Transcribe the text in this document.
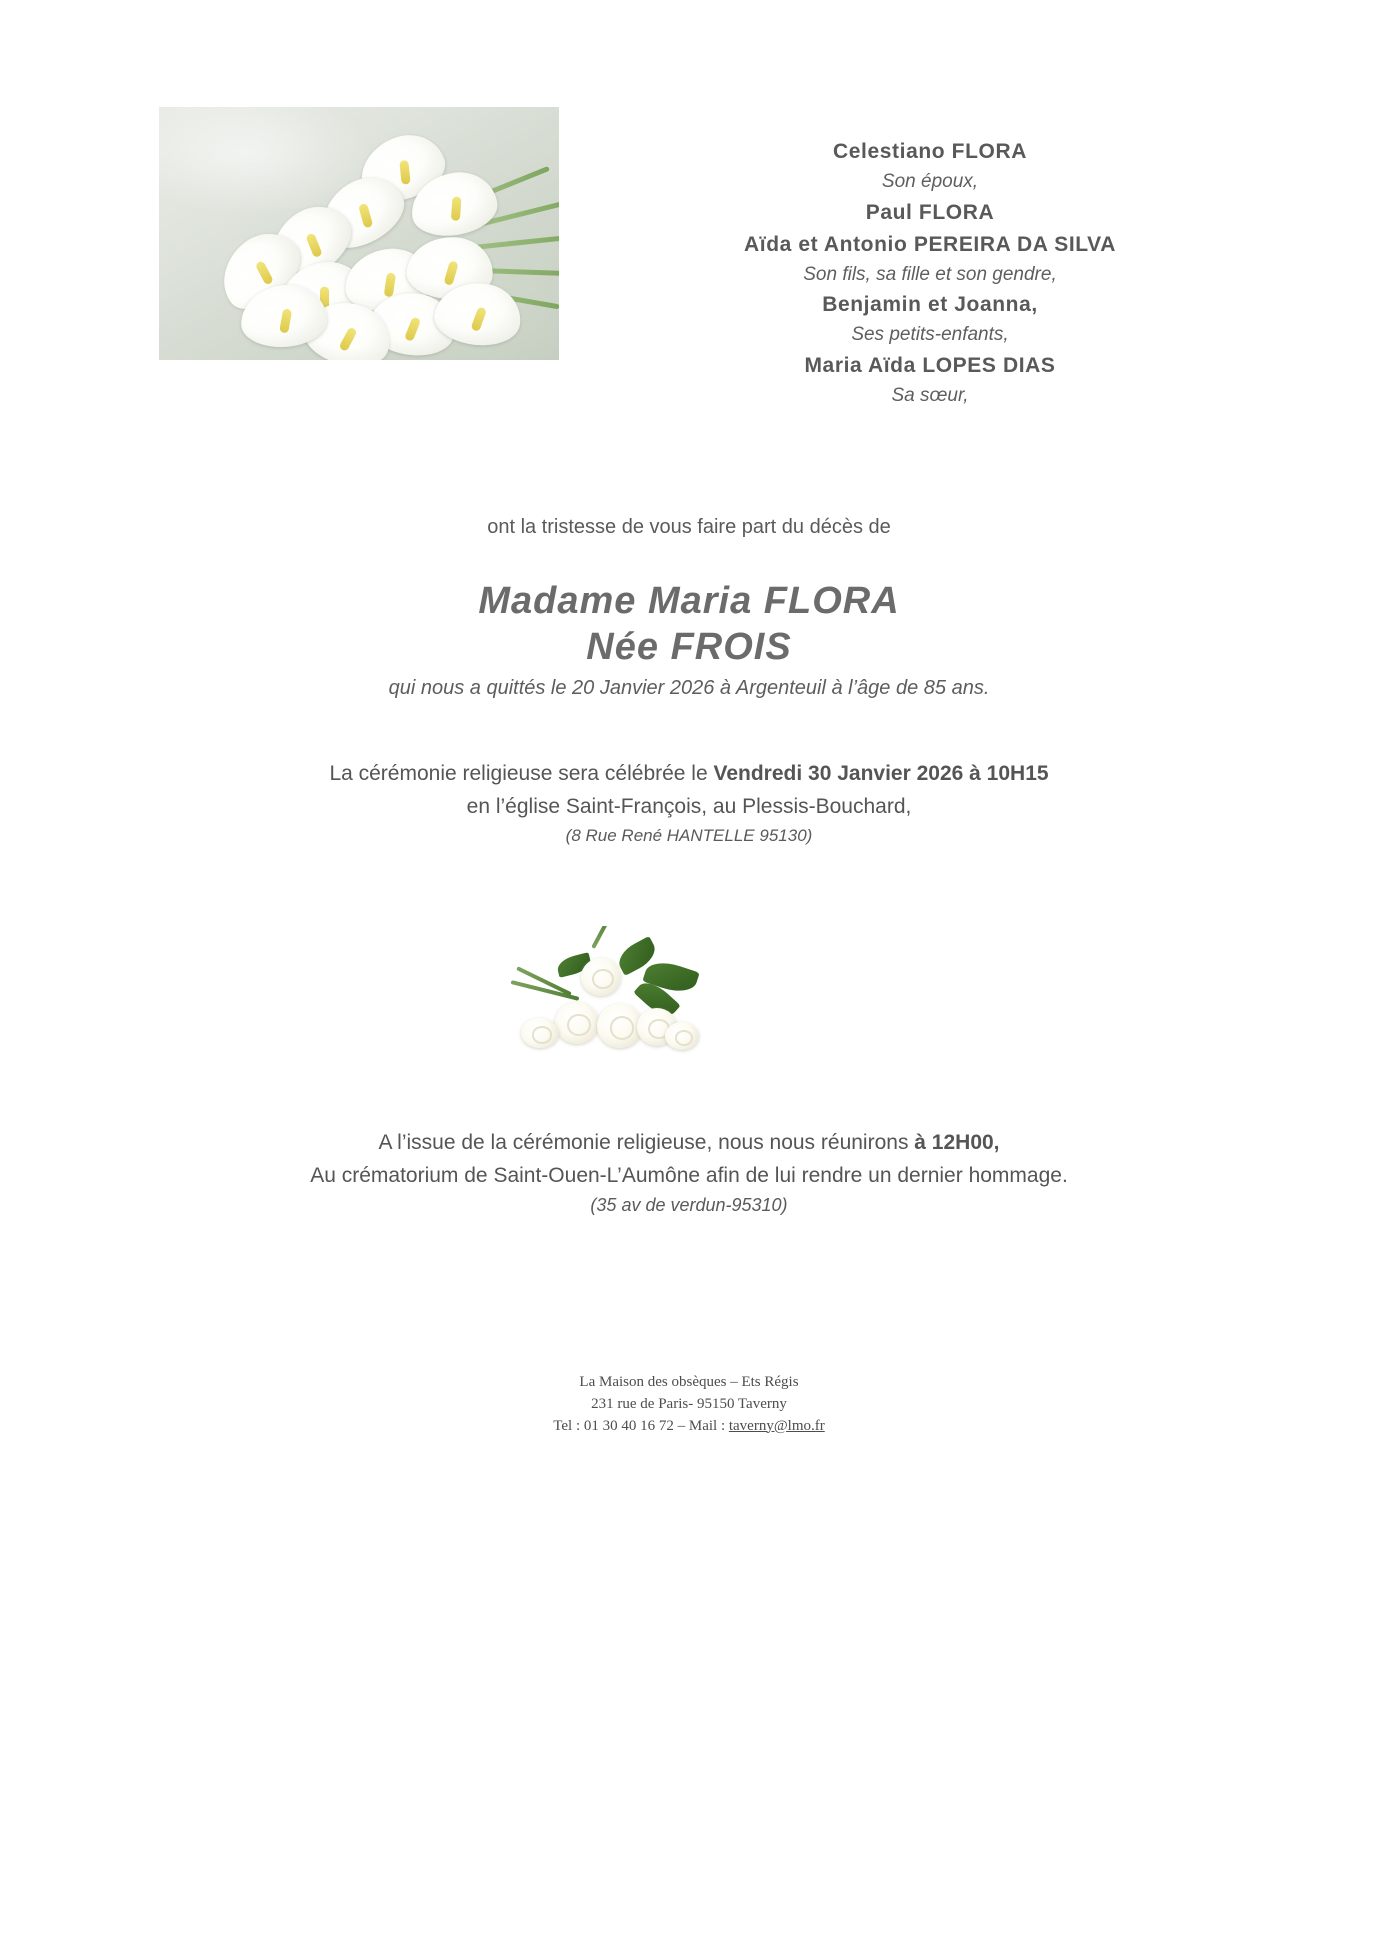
Celestiano FLORA
Son époux,
Paul FLORA
Aïda et Antonio PEREIRA DA SILVA
Son fils, sa fille et son gendre,
Benjamin et Joanna,
Ses petits-enfants,
Maria Aïda LOPES DIAS
Sa sœur,
ont la tristesse de vous faire part du décès de
Madame Maria FLORA
Née FROIS
qui nous a quittés le 20 Janvier 2026 à Argenteuil à l’âge de 85 ans.
La cérémonie religieuse sera célébrée le Vendredi 30 Janvier 2026 à 10H15
en l’église Saint-François, au Plessis-Bouchard,
(8 Rue René HANTELLE 95130)
A l’issue de la cérémonie religieuse, nous nous réunirons à 12H00,
Au crématorium de Saint-Ouen-L’Aumône afin de lui rendre un dernier hommage.
(35 av de verdun-95310)
La Maison des obsèques – Ets Régis
231 rue de Paris- 95150 Taverny
Tel : 01 30 40 16 72 – Mail : taverny@lmo.fr
